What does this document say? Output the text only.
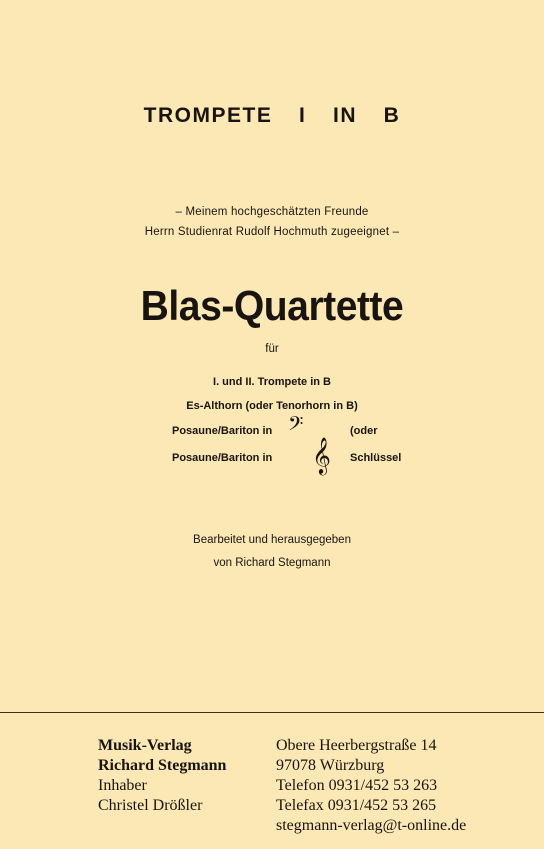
TROMPETE  I  IN  B
– Meinem hochgeschätzten Freunde
Herrn Studienrat Rudolf Hochmuth zugeeignet –
Blas-Quartette
für
I. und II. Trompete in B
Es-Althorn (oder Tenorhorn in B)
Posaune/Bariton in 𝄢	(oder
Posaune/Bariton in 𝄞 Schlüssel
Bearbeitet und herausgegeben
von Richard Stegmann
Musik-Verlag
Richard Stegmann
Inhaber
Christel Drößler
Obere Heerbergstraße 14
97078 Würzburg
Telefon 0931/452 53 263
Telefax 0931/452 53 265
stegmann-verlag@t-online.de
